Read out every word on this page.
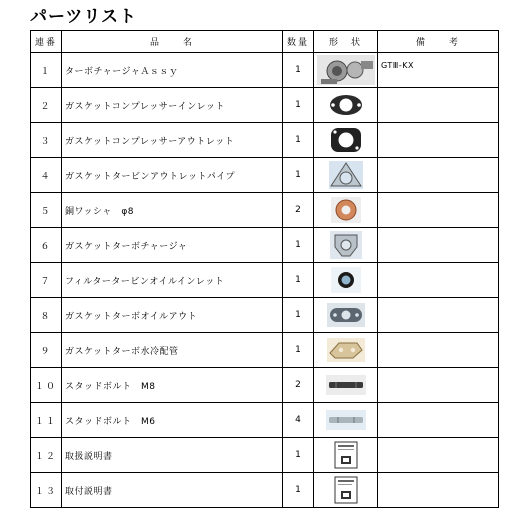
パーツリスト
連番	品　　名	数量	形　状	備　　考
１	ターボチャージャＡｓｓｙ	1		GTⅢ-KX

２	ガスケットコンプレッサーインレット	1	

３	ガスケットコンプレッサーアウトレット	1	

４	ガスケットタービンアウトレットパイプ	1	

５	銅ワッシャ　φ8	2	

６	ガスケットターボチャージャ	1	

７	フィルタータービンオイルインレット	1	

８	ガスケットターボオイルアウト	1	

９	ガスケットターボ水冷配管	1	

１０	スタッドボルト　M8	2	

１１	スタッドボルト　M6	4	

１２	取扱説明書	1	

１３	取付説明書	1	
